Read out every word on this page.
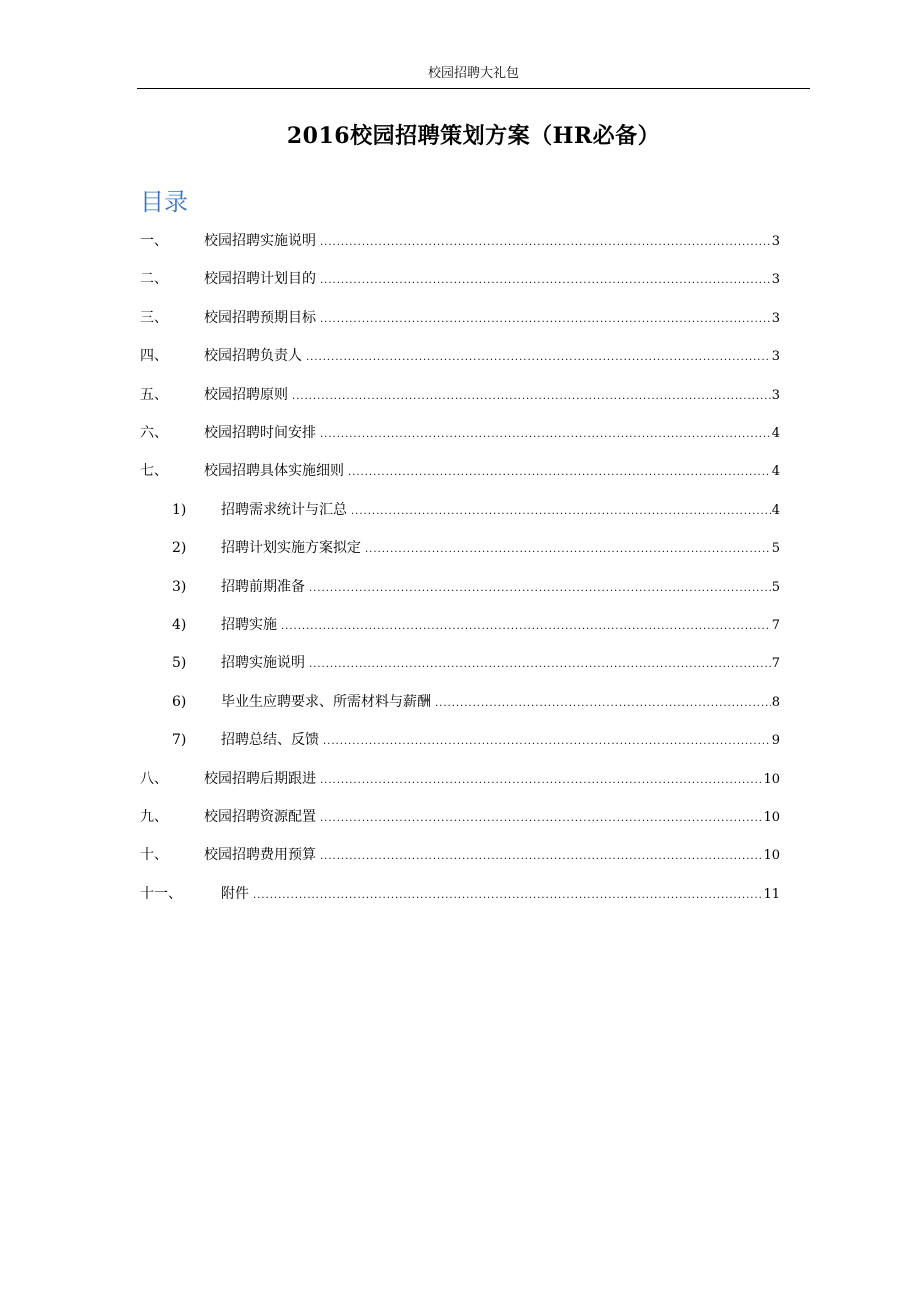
校园招聘大礼包
2016校园招聘策划方案（HR必备）
目录
一、	校园招聘实施说明 .....	3
二、	校园招聘计划目的 .....	3
三、	校园招聘预期目标 .....	3
四、	校园招聘负责人 .....	3
五、	校园招聘原则 .....	3
六、	校园招聘时间安排 .....	4
七、	校园招聘具体实施细则 .....	4
1) 招聘需求统计与汇总 .....	4
2) 招聘计划实施方案拟定 .....	5
3) 招聘前期准备 .....	5
4) 招聘实施 .....	7
5) 招聘实施说明 .....	7
6) 毕业生应聘要求、所需材料与薪酬 .....	8
7) 招聘总结、反馈 .....	9
八、	校园招聘后期跟进 .....	10
九、	校园招聘资源配置 .....	10
十、	校园招聘费用预算 .....	10
十一、	附件 .....	11
